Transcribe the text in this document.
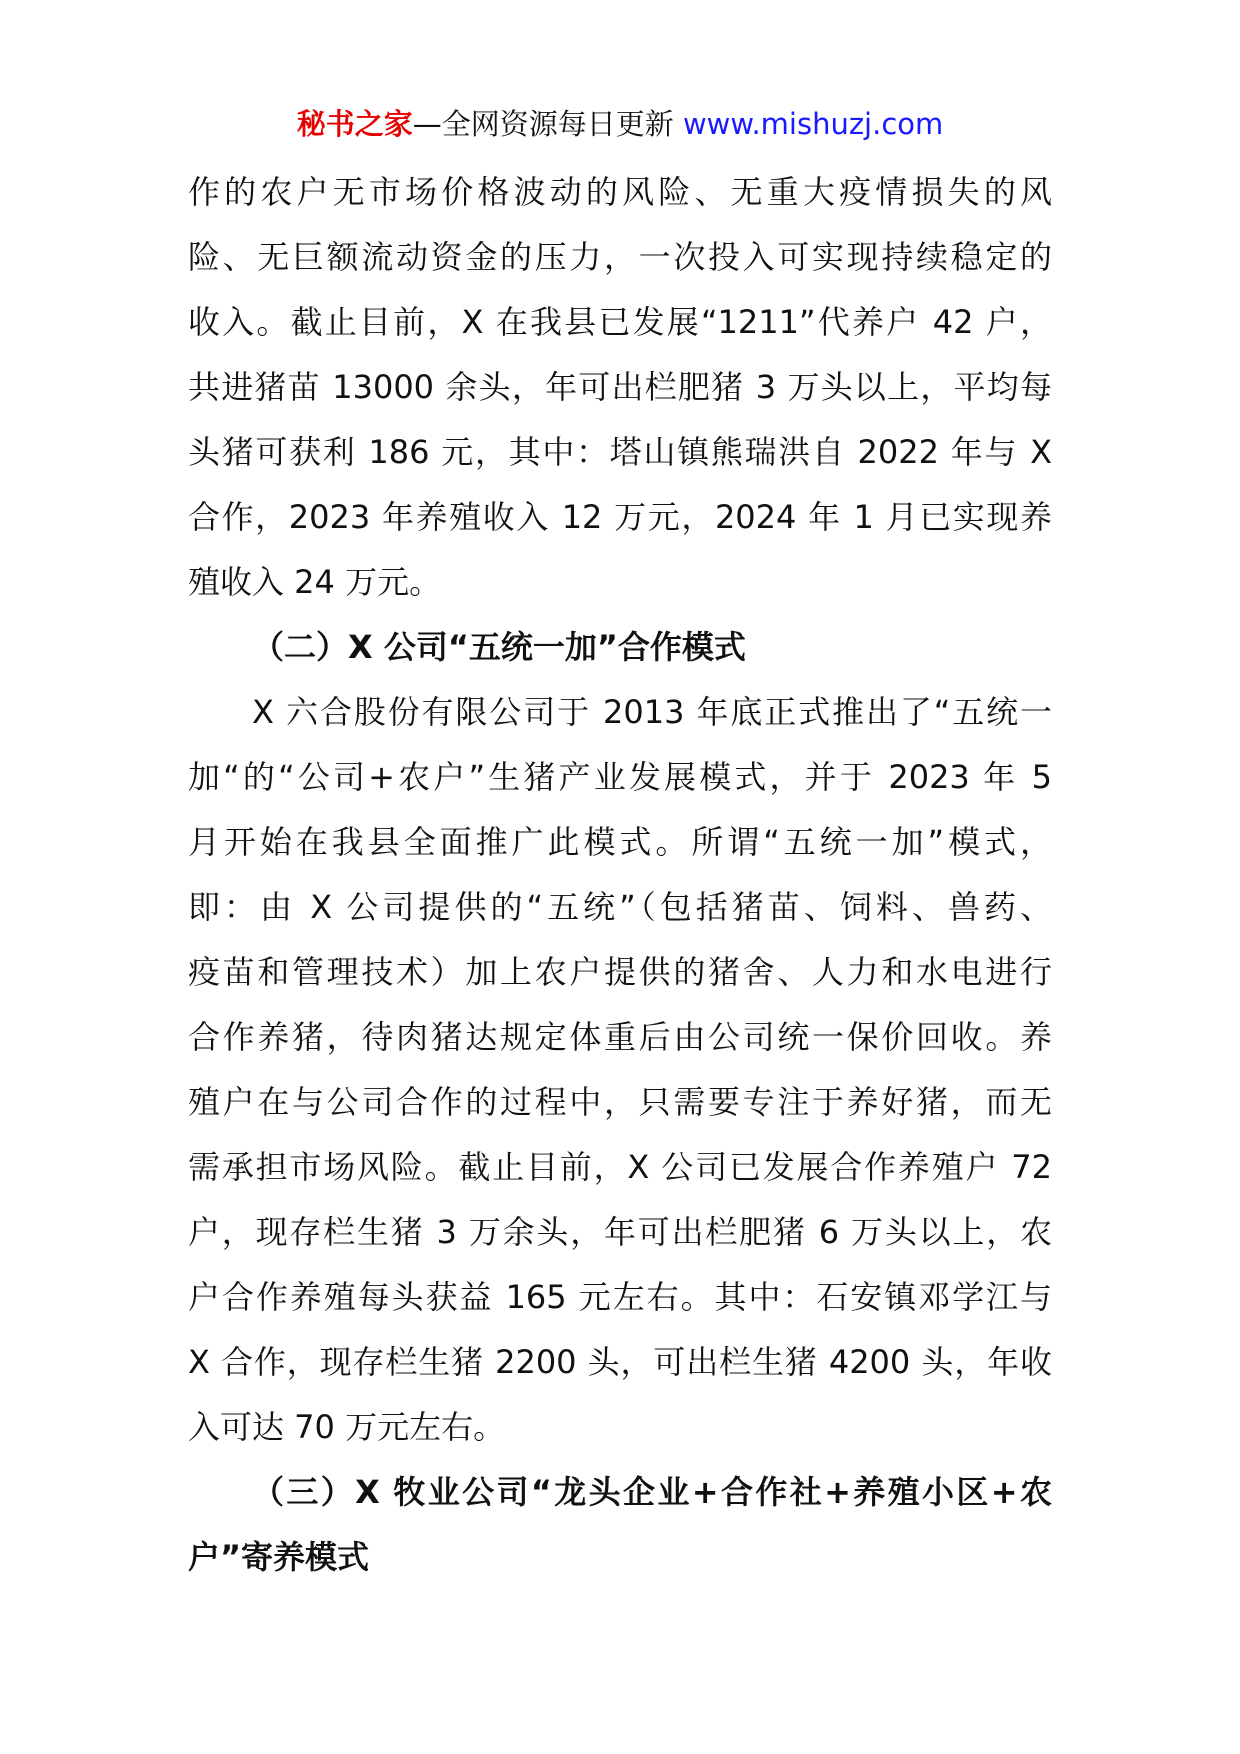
秘书之家—全网资源每日更新 www.mishuzj.com
作的农户无市场价格波动的风险、无重大疫情损失的风
险、无巨额流动资金的压力，一次投入可实现持续稳定的
收入。截止目前，X 在我县已发展“1211”代养户 42 户，
共进猪苗 13000 余头，年可出栏肥猪 3 万头以上，平均每
头猪可获利 186 元，其中：塔山镇熊瑞洪自 2022 年与 X
合作，2023 年养殖收入 12 万元，2024 年 1 月已实现养
殖收入 24 万元。
（二）X 公司“五统一加”合作模式
X 六合股份有限公司于 2013 年底正式推出了“五统一
加“的“公司+农户”生猪产业发展模式，并于 2023 年 5
月开始在我县全面推广此模式。所谓“五统一加”模式，
即：由 X 公司提供的“五统”（包括猪苗、饲料、兽药、
疫苗和管理技术）加上农户提供的猪舍、人力和水电进行
合作养猪，待肉猪达规定体重后由公司统一保价回收。养
殖户在与公司合作的过程中，只需要专注于养好猪，而无
需承担市场风险。截止目前，X 公司已发展合作养殖户 72
户，现存栏生猪 3 万余头，年可出栏肥猪 6 万头以上，农
户合作养殖每头获益 165 元左右。其中：石安镇邓学江与
X 合作，现存栏生猪 2200 头，可出栏生猪 4200 头，年收
入可达 70 万元左右。
（三）X 牧业公司“龙头企业+合作社+养殖小区+农
户”寄养模式
